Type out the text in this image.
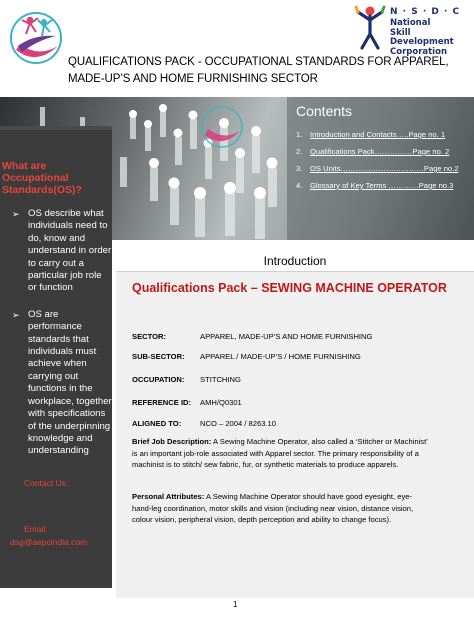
N · S · D · C
National
Skill Development
Corporation
QUALIFICATIONS PACK - OCCUPATIONAL STANDARDS FOR APPAREL,
MADE-UP’S AND HOME FURNISHING SECTOR
Contents
1. Introduction and Contacts…..Page no. 1
2. Qualifications Pack……………Page no. 2
3. OS Units……………………………Page no.2
4. Glossary of Key Terms …………Page no.3
What are Occupational Standards(OS)?
➢ OS describe what individuals need to do, know and understand in order to carry out a particular job role or function
➢ OS are performance standards that individuals must achieve when carrying out functions in the workplace, together with specifications of the underpinning knowledge and understanding
Contact Us:
Email:
dsg@aepcindia.com
Introduction
Qualifications Pack – SEWING MACHINE OPERATOR
SECTOR:	APPAREL, MADE-UP’S AND HOME FURNISHING
SUB-SECTOR: APPAREL / MADE-UP’S / HOME FURNISHING
OCCUPATION: STITCHING
REFERENCE ID: AMH/Q0301
ALIGNED TO: NCO – 2004 / 8263.10
Brief Job Description: A Sewing Machine Operator, also called a ‘Stitcher or Machinist’
is an important job-role associated with Apparel sector. The primary responsibility of a
machinist is to stitch/ sew fabric, fur, or synthetic materials to produce apparels.
Personal Attributes: A Sewing Machine Operator should have good eyesight, eye-
hand-leg coordination, motor skills and vision (including near vision, distance vision,
colour vision, peripheral vision, depth perception and ability to change focus).
1
